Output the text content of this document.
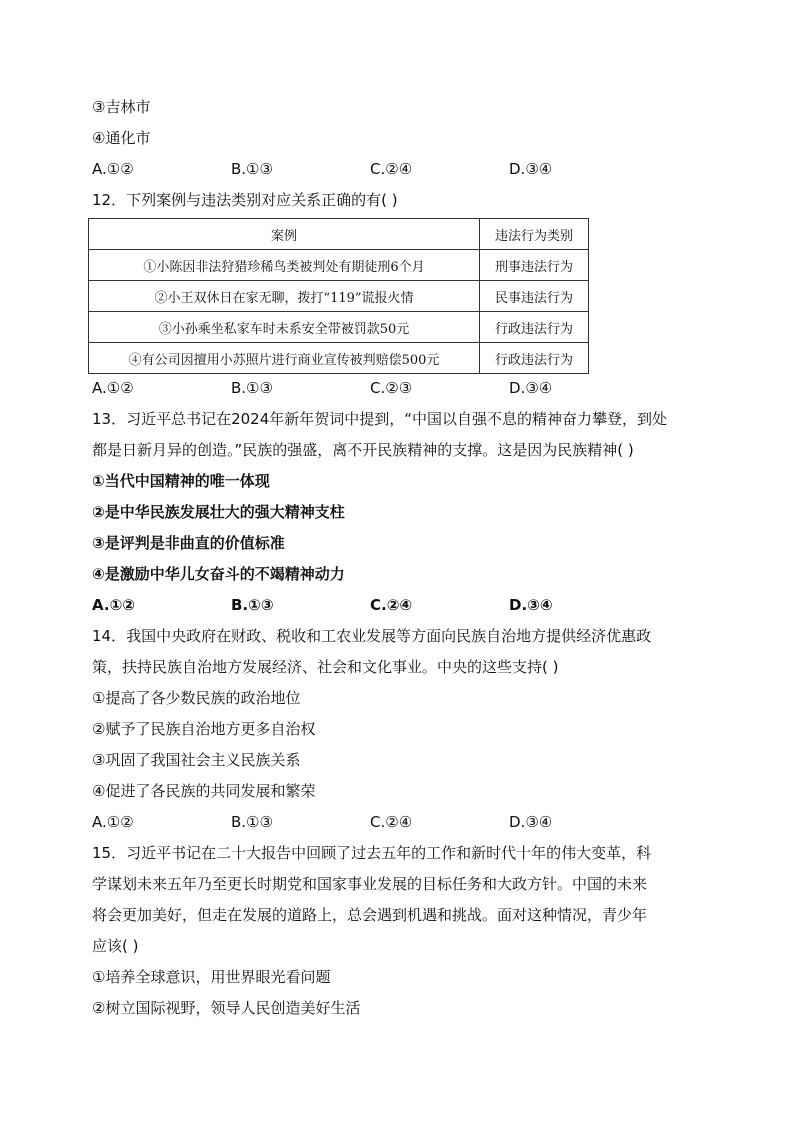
③吉林市
④通化市
A.①②	B.①③	C.②④	D.③④
12．下列案例与违法类别对应关系正确的有( )
案例	违法行为类别
①小陈因非法狩猎珍稀鸟类被判处有期徒刑6个月	刑事违法行为
②小王双休日在家无聊，拨打“119”谎报火情	民事违法行为
③小孙乘坐私家车时未系安全带被罚款50元	行政违法行为
④有公司因擅用小苏照片进行商业宣传被判赔偿500元	行政违法行为
A.①②	B.①③	C.②③	D.③④
13．习近平总书记在2024年新年贺词中提到，“中国以自强不息的精神奋力攀登，到处
都是日新月异的创造。”民族的强盛，离不开民族精神的支撑。这是因为民族精神( )
①当代中国精神的唯一体现
②是中华民族发展壮大的强大精神支柱
③是评判是非曲直的价值标准
④是激励中华儿女奋斗的不竭精神动力
A.①②	B.①③	C.②④	D.③④
14．我国中央政府在财政、税收和工农业发展等方面向民族自治地方提供经济优惠政
策，扶持民族自治地方发展经济、社会和文化事业。中央的这些支持( )
①提高了各少数民族的政治地位
②赋予了民族自治地方更多自治权
③巩固了我国社会主义民族关系
④促进了各民族的共同发展和繁荣
A.①②	B.①③	C.②④	D.③④
15．习近平书记在二十大报告中回顾了过去五年的工作和新时代十年的伟大变革，科
学谋划未来五年乃至更长时期党和国家事业发展的目标任务和大政方针。中国的未来
将会更加美好，但走在发展的道路上，总会遇到机遇和挑战。面对这种情况，青少年
应该( )
①培养全球意识，用世界眼光看问题
②树立国际视野，领导人民创造美好生活
